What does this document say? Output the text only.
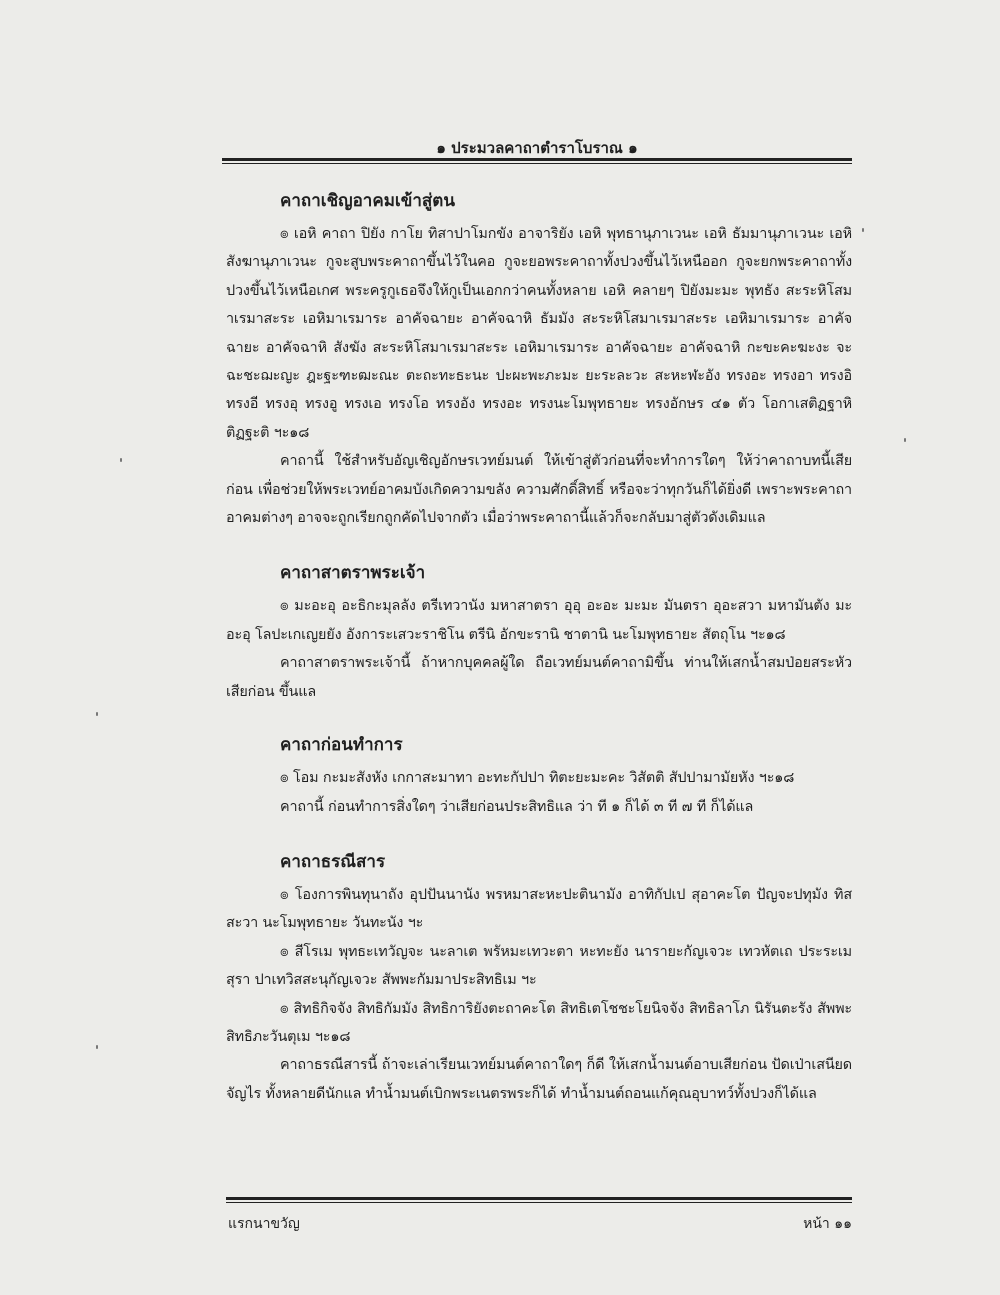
๑ ประมวลคาถาตำราโบราณ ๑
คาถาเชิญอาคมเข้าสู่ตน

๏ เอหิ คาถา ปิยัง กาโย ทิสาปาโมกขัง อาจาริยัง เอหิ พุทธานุภาเวนะ เอหิ ธัมมานุภาเวนะ เอหิ สังฆานุภาเวนะ กูจะสูบพระคาถาขึ้นไว้ในคอ กูจะยอพระคาถาทั้งปวงขึ้นไว้เหนืออก กูจะยกพระคาถาทั้งปวงขึ้นไว้เหนือเกศ พระครูกูเธอจึงให้กูเป็นเอกกว่าคนทั้งหลาย เอหิ คลายๆ ปิยังมะมะ พุทธัง สะระหิโสมาเรมาสะระ เอหิมาเรมาระ อาคัจฉายะ อาคัจฉาหิ ธัมมัง สะระหิโสมาเรมาสะระ เอหิมาเรมาระ อาคัจฉายะ อาคัจฉาหิ สังฆัง สะระหิโสมาเรมาสะระ เอหิมาเรมาระ อาคัจฉายะ อาคัจฉาหิ กะขะคะฆะงะ จะฉะชะฌะญะ ฎะฐะฑะฒะณะ ตะถะทะธะนะ ปะผะพะภะมะ ยะระละวะ สะหะฬะอัง ทรงอะ ทรงอา ทรงอิ ทรงอี ทรงอุ ทรงอู ทรงเอ ทรงโอ ทรงอัง ทรงอะ ทรงนะโมพุทธายะ ทรงอักษร ๔๑ ตัว โอกาเสติฏฐาหิ ติฏฐะติ ฯะ๑๘

คาถานี้ ใช้สำหรับอัญเชิญอักษรเวทย์มนต์ ให้เข้าสู่ตัวก่อนที่จะทำการใดๆ ให้ว่าคาถาบทนี้เสียก่อน เพื่อช่วยให้พระเวทย์อาคมบังเกิดความขลัง ความศักดิ์สิทธิ์ หรือจะว่าทุกวันก็ได้ยิ่งดี เพราะพระคาถาอาคมต่างๆ อาจจะถูกเรียกถูกคัดไปจากตัว เมื่อว่าพระคาถานี้แล้วก็จะกลับมาสู่ตัวดังเดิมแล

คาถาสาตราพระเจ้า

๏ มะอะอุ อะธิกะมุลลัง ตรีเทวานัง มหาสาตรา อุอุ อะอะ มะมะ มันตรา อุอะสวา มหามันตัง มะอะอุ โลปะเกเญยยัง อังการะเสวะราชิโน ตรีนิ อักขะรานิ ชาตานิ นะโมพุทธายะ สัตถุโน ฯะ๑๘

คาถาสาตราพระเจ้านี้ ถ้าหากบุคคลผู้ใด ถือเวทย์มนต์คาถามิขึ้น ท่านให้เสกน้ำสมป่อยสระหัวเสียก่อน ขึ้นแล

คาถาก่อนทำการ

๏ โอม กะมะสังหัง เกกาสะมาทา อะทะกัปปา ทิตะยะมะคะ วิสัตติ สัปปามามัยหัง ฯะ๑๘

คาถานี้ ก่อนทำการสิ่งใดๆ ว่าเสียก่อนประสิทธิแล ว่า ที ๑ ก็ได้ ๓ ที ๗ ที ก็ได้แล

คาถาธรณีสาร

๏ โองการพินทุนาถัง อุปปันนานัง พรหมาสะหะปะตินามัง อาทิกัปเป สุอาคะโต ปัญจะปทุมัง ทิสสะวา นะโมพุทธายะ วันทะนัง ฯะ

๏ สีโรเม พุทธะเทวัญจะ นะลาเต พรัหมะเทวะตา หะทะยัง นารายะกัญเจวะ เทวหัตเถ ประระเมสุรา ปาเทวิสสะนุกัญเจวะ สัพพะกัมมาประสิทธิเม ฯะ

๏ สิทธิกิจจัง สิทธิกัมมัง สิทธิการิยังตะถาคะโต สิทธิเตโชชะโยนิจจัง สิทธิลาโภ นิรันตะรัง สัพพะสิทธิภะวันตุเม ฯะ๑๘

คาถาธรณีสารนี้ ถ้าจะเล่าเรียนเวทย์มนต์คาถาใดๆ ก็ดี ให้เสกน้ำมนต์อาบเสียก่อน ปัดเป่าเสนียดจัญไร ทั้งหลายดีนักแล ทำน้ำมนต์เบิกพระเนตรพระก็ได้ ทำน้ำมนต์ถอนแก้คุณอุบาทว์ทั้งปวงก็ได้แล

แรกนาขวัญ	หน้า ๑๑
